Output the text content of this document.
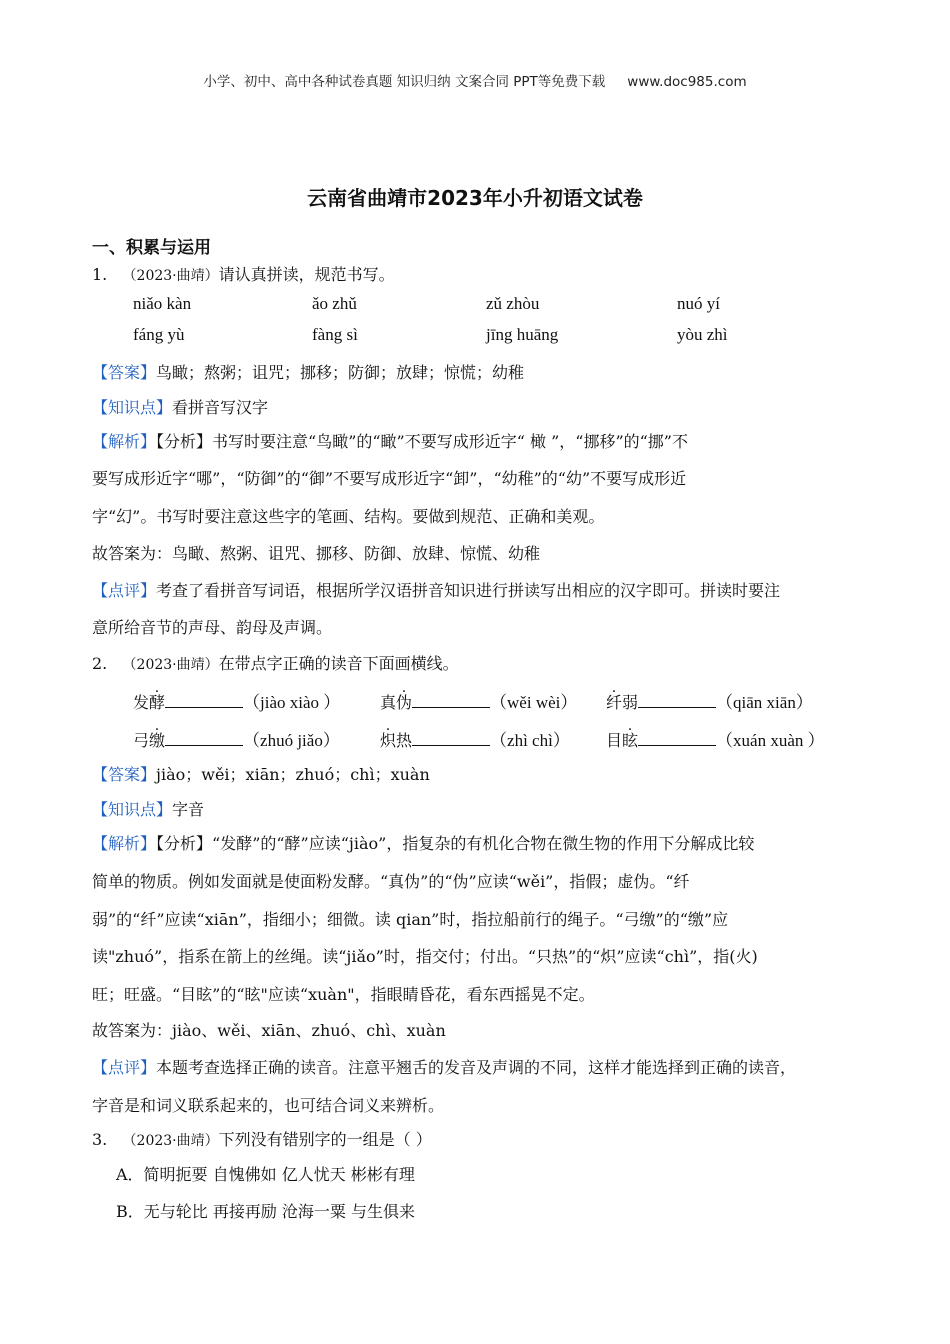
小学、初中、高中各种试卷真题 知识归纳 文案合同 PPT等免费下载 www.doc985.com
云南省曲靖市2023年小升初语文试卷
一、积累与运用
1. （2023·曲靖）请认真拼读，规范书写。
niǎo kàn	ǎo zhǔ	zǔ zhòu	nuó yí
fáng yù	fàng sì	jīng huāng	yòu zhì
【答案】鸟瞰；熬粥；诅咒；挪移；防御；放肆；惊慌；幼稚
【知识点】看拼音写汉字
【解析】【分析】书写时要注意“鸟瞰”的“瞰”不要写成形近字“ 橄 ”，“挪移”的“挪”不
要写成形近字“哪”，“防御”的“御”不要写成形近字“卸”，“幼稚”的“幼”不要写成形近
字“幻”。书写时要注意这些字的笔画、结构。要做到规范、正确和美观。
故答案为：鸟瞰、熬粥、诅咒、挪移、防御、放肆、惊慌、幼稚
【点评】考查了看拼音写词语，根据所学汉语拼音知识进行拼读写出相应的汉字即可。拼读时要注
意所给音节的声母、韵母及声调。
2. （2023·曲靖）在带点字正确的读音下面画横线。
发酵	（jiào xiào ） 真伪	（wěi wèi） 纤弱	（qiān xiān）
弓缴	（zhuó jiǎo）	炽热	（zhì chì） 目眩	（xuán xuàn ）
【答案】jiào；wěi；xiān；zhuó；chì；xuàn
【知识点】字音
【解析】【分析】“发酵”的“酵”应读“jiào”，指复杂的有机化合物在微生物的作用下分解成比较
简单的物质。例如发面就是使面粉发酵。“真伪”的“伪”应读“wěi”，指假；虚伪。“纤
弱”的“纤”应读“xiān”，指细小；细微。读 qian”时，指拉船前行的绳子。“弓缴”的“缴”应
读"zhuó”，指系在箭上的丝绳。读“jiǎo”时，指交付；付出。“只热”的“炽”应读“chì”，指(火)
旺；旺盛。“目眩”的“眩"应读“xuàn"，指眼睛昏花，看东西摇晃不定。
故答案为：jiào、wěi、xiān、zhuó、chì、xuàn
【点评】本题考查选择正确的读音。注意平翘舌的发音及声调的不同，这样才能选择到正确的读音，
字音是和词义联系起来的，也可结合词义来辨析。
3. （2023·曲靖）下列没有错别字的一组是（ ）
A．简明扼要 自愧佛如 亿人忧天 彬彬有理
B．无与轮比 再接再励 沧海一粟 与生俱来
